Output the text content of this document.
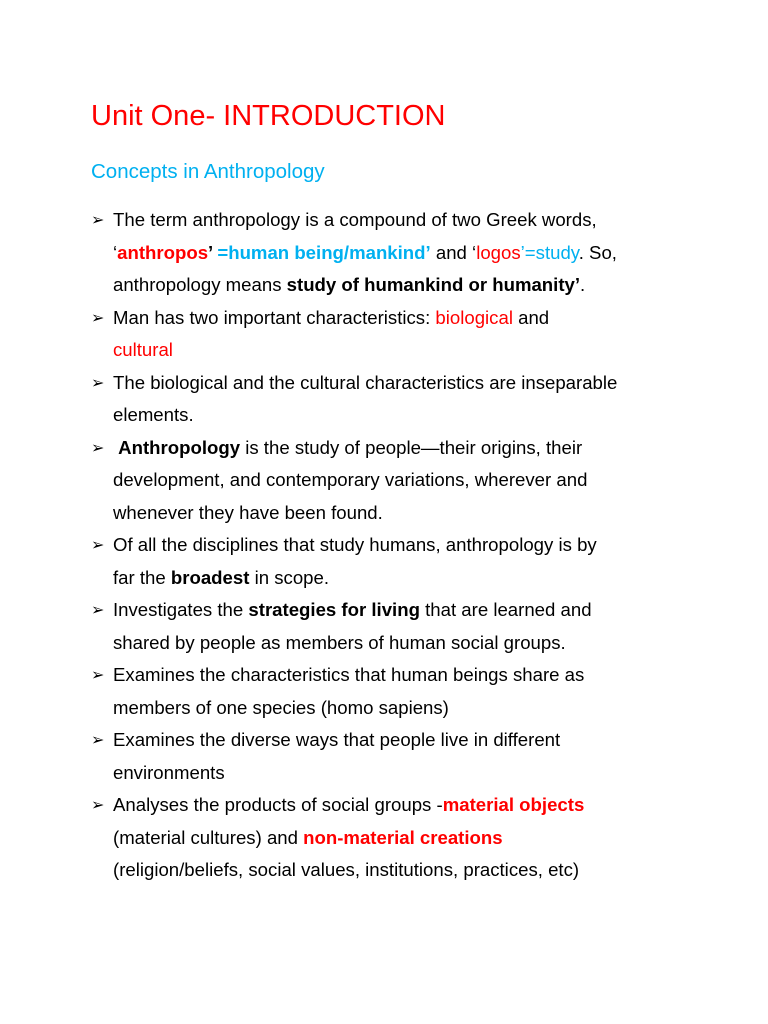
Unit One- INTRODUCTION
Concepts in Anthropology
➢ The term anthropology is a compound of two Greek words,
‘anthropos’ =human being/mankind’ and ‘logos’=study. So,
anthropology means study of humankind or humanity’.
➢ Man has two important characteristics: biological and
cultural
➢ The biological and the cultural characteristics are inseparable
elements.
➢ Anthropology is the study of people—their origins, their
development, and contemporary variations, wherever and
whenever they have been found.
➢ Of all the disciplines that study humans, anthropology is by
far the broadest in scope.
➢ Investigates the strategies for living that are learned and
shared by people as members of human social groups.
➢ Examines the characteristics that human beings share as
members of one species (homo sapiens)
➢ Examines the diverse ways that people live in different
environments
➢ Analyses the products of social groups -material objects
(material cultures) and non-material creations
(religion/beliefs, social values, institutions, practices, etc)
